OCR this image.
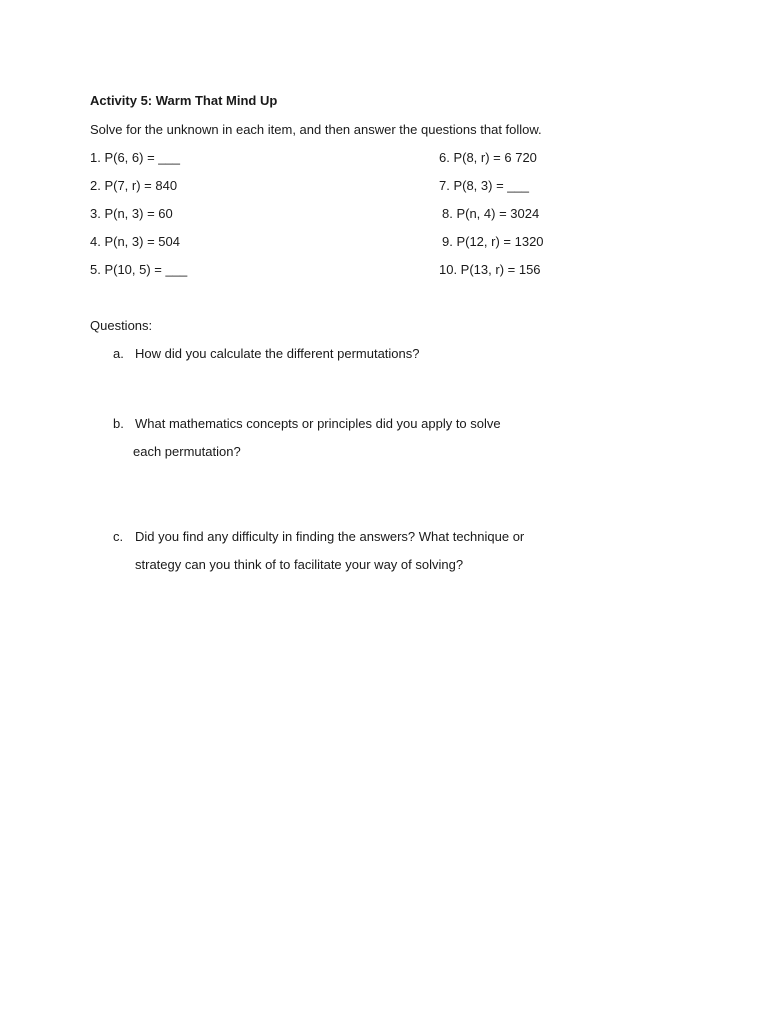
Activity 5: Warm That Mind Up
Solve for the unknown in each item, and then answer the questions that follow.
1. P(6, 6) = ___
2. P(7, r) = 840
3. P(n, 3) = 60
4. P(n, 3) = 504
5. P(10, 5) = ___
6. P(8, r) = 6 720
7. P(8, 3) = ___
8. P(n, 4) = 3024
9. P(12, r) = 1320
10. P(13, r) = 156
Questions:
a. How did you calculate the different permutations?
b. What mathematics concepts or principles did you apply to solve
each permutation?
c. Did you find any difficulty in finding the answers? What technique or
strategy can you think of to facilitate your way of solving?
